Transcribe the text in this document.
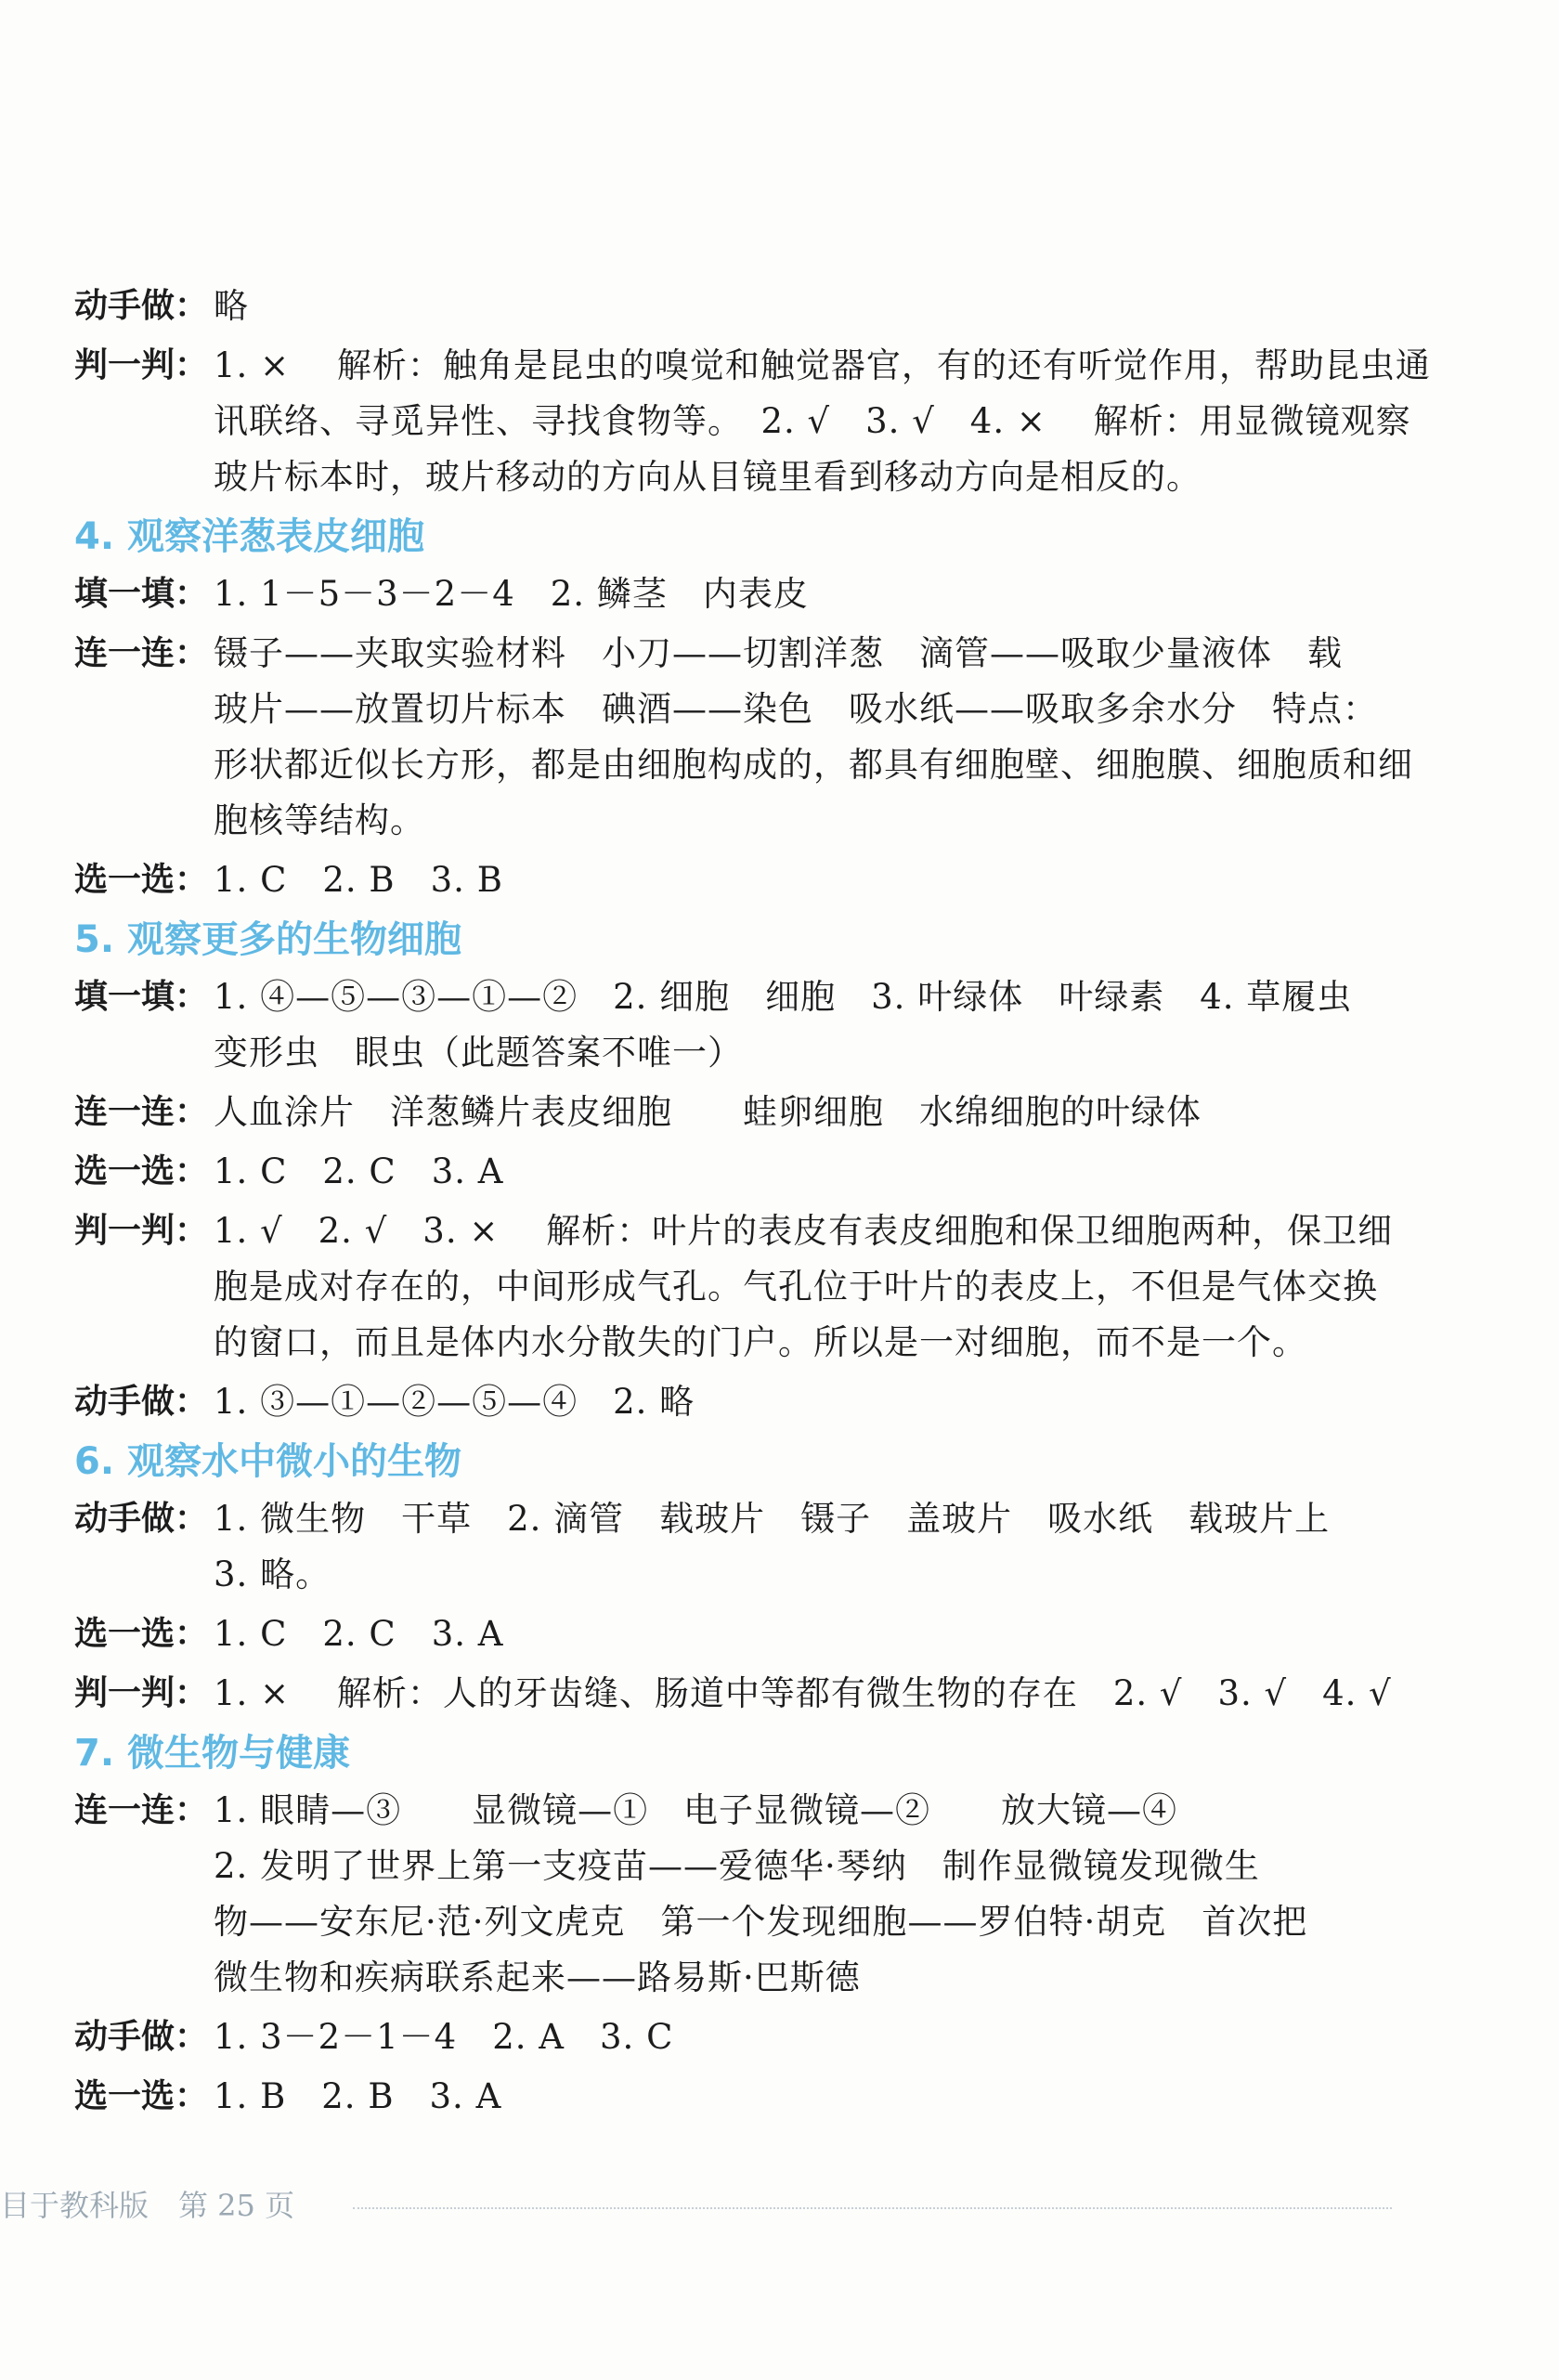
动手做： 略
判一判： 1. ×　 解析：触角是昆虫的嗅觉和触觉器官，有的还有听觉作用，帮助昆虫通
讯联络、寻觅异性、寻找食物等。　2. √　3. √　4. ×　 解析：用显微镜观察
玻片标本时，玻片移动的方向从目镜里看到移动方向是相反的。
4. 观察洋葱表皮细胞
填一填： 1. 1－5－3－2－4　2. 鳞茎　内表皮
连一连： 镊子——夹取实验材料　小刀——切割洋葱　滴管——吸取少量液体　载
玻片——放置切片标本　碘酒——染色　吸水纸——吸取多余水分　特点：
形状都近似长方形，都是由细胞构成的，都具有细胞壁、细胞膜、细胞质和细
胞核等结构。
选一选： 1. C　2. B　3. B
5. 观察更多的生物细胞
填一填： 1. ④—⑤—③—①—②　2. 细胞　细胞　3. 叶绿体　叶绿素　4. 草履虫
变形虫　眼虫（此题答案不唯一）
连一连： 人血涂片　洋葱鳞片表皮细胞　　蛙卵细胞　水绵细胞的叶绿体
选一选： 1. C　2. C　3. A
判一判： 1. √　2. √　3. ×　 解析：叶片的表皮有表皮细胞和保卫细胞两种，保卫细
胞是成对存在的，中间形成气孔。气孔位于叶片的表皮上，不但是气体交换
的窗口，而且是体内水分散失的门户。所以是一对细胞，而不是一个。
动手做： 1. ③—①—②—⑤—④　2. 略
6. 观察水中微小的生物
动手做： 1. 微生物　干草　2. 滴管　载玻片　镊子　盖玻片　吸水纸　载玻片上
3. 略。
选一选： 1. C　2. C　3. A
判一判： 1. ×　 解析：人的牙齿缝、肠道中等都有微生物的存在　2. √　3. √　4. √
7. 微生物与健康
连一连： 1. 眼睛—③　　显微镜—①　电子显微镜—②　　放大镜—④
2. 发明了世界上第一支疫苗——爱德华·琴纳　制作显微镜发现微生
物——安东尼·范·列文虎克　第一个发现细胞——罗伯特·胡克　首次把
微生物和疾病联系起来——路易斯·巴斯德
动手做： 1. 3－2－1－4　2. A　3. C
选一选： 1. B　2. B　3. A
目于教科版　第 25 页
